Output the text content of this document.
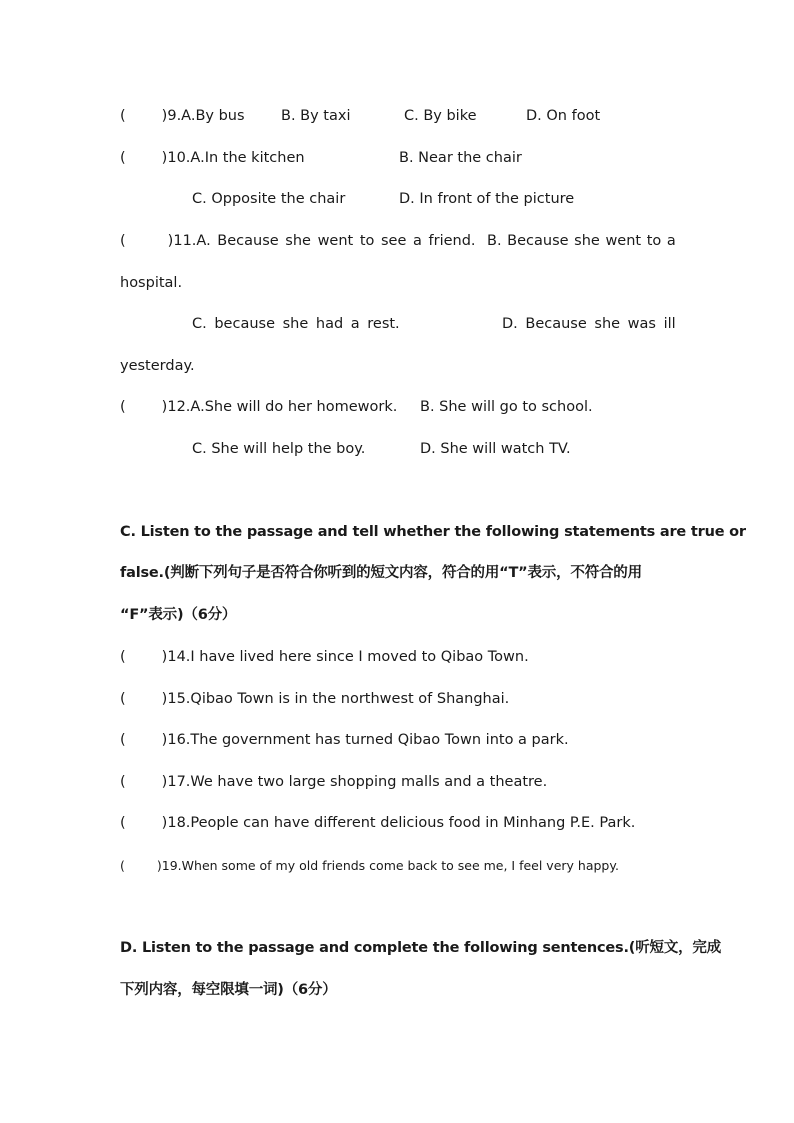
( )9.A.By bus	B. By taxi	C. By bike	D. On foot
( )10.A.In the kitchen	B. Near the chair
C. Opposite the chair	D. In front of the picture
(	)11.A. Because she went to see a friend. B. Because she went to a
hospital.
C. because she had a rest.	D. Because she was ill
yesterday.
( )12.A.She will do her homework. B. She will go to school.
C. She will help the boy.	D. She will watch TV.
C. Listen to the passage and tell whether the following statements are true or
false.(判断下列句子是否符合你听到的短文内容，符合的用“T”表示，不符合的用
“F”表示)（6分）
( )14.I have lived here since I moved to Qibao Town.
( )15.Qibao Town is in the northwest of Shanghai.
( )16.The government has turned Qibao Town into a park.
( )17.We have two large shopping malls and a theatre.
( )18.People can have different delicious food in Minhang P.E. Park.
(	)19.When some of my old friends come back to see me, I feel very happy.
D. Listen to the passage and complete the following sentences.(听短文，完成
下列内容，每空限填一词)（6分）
